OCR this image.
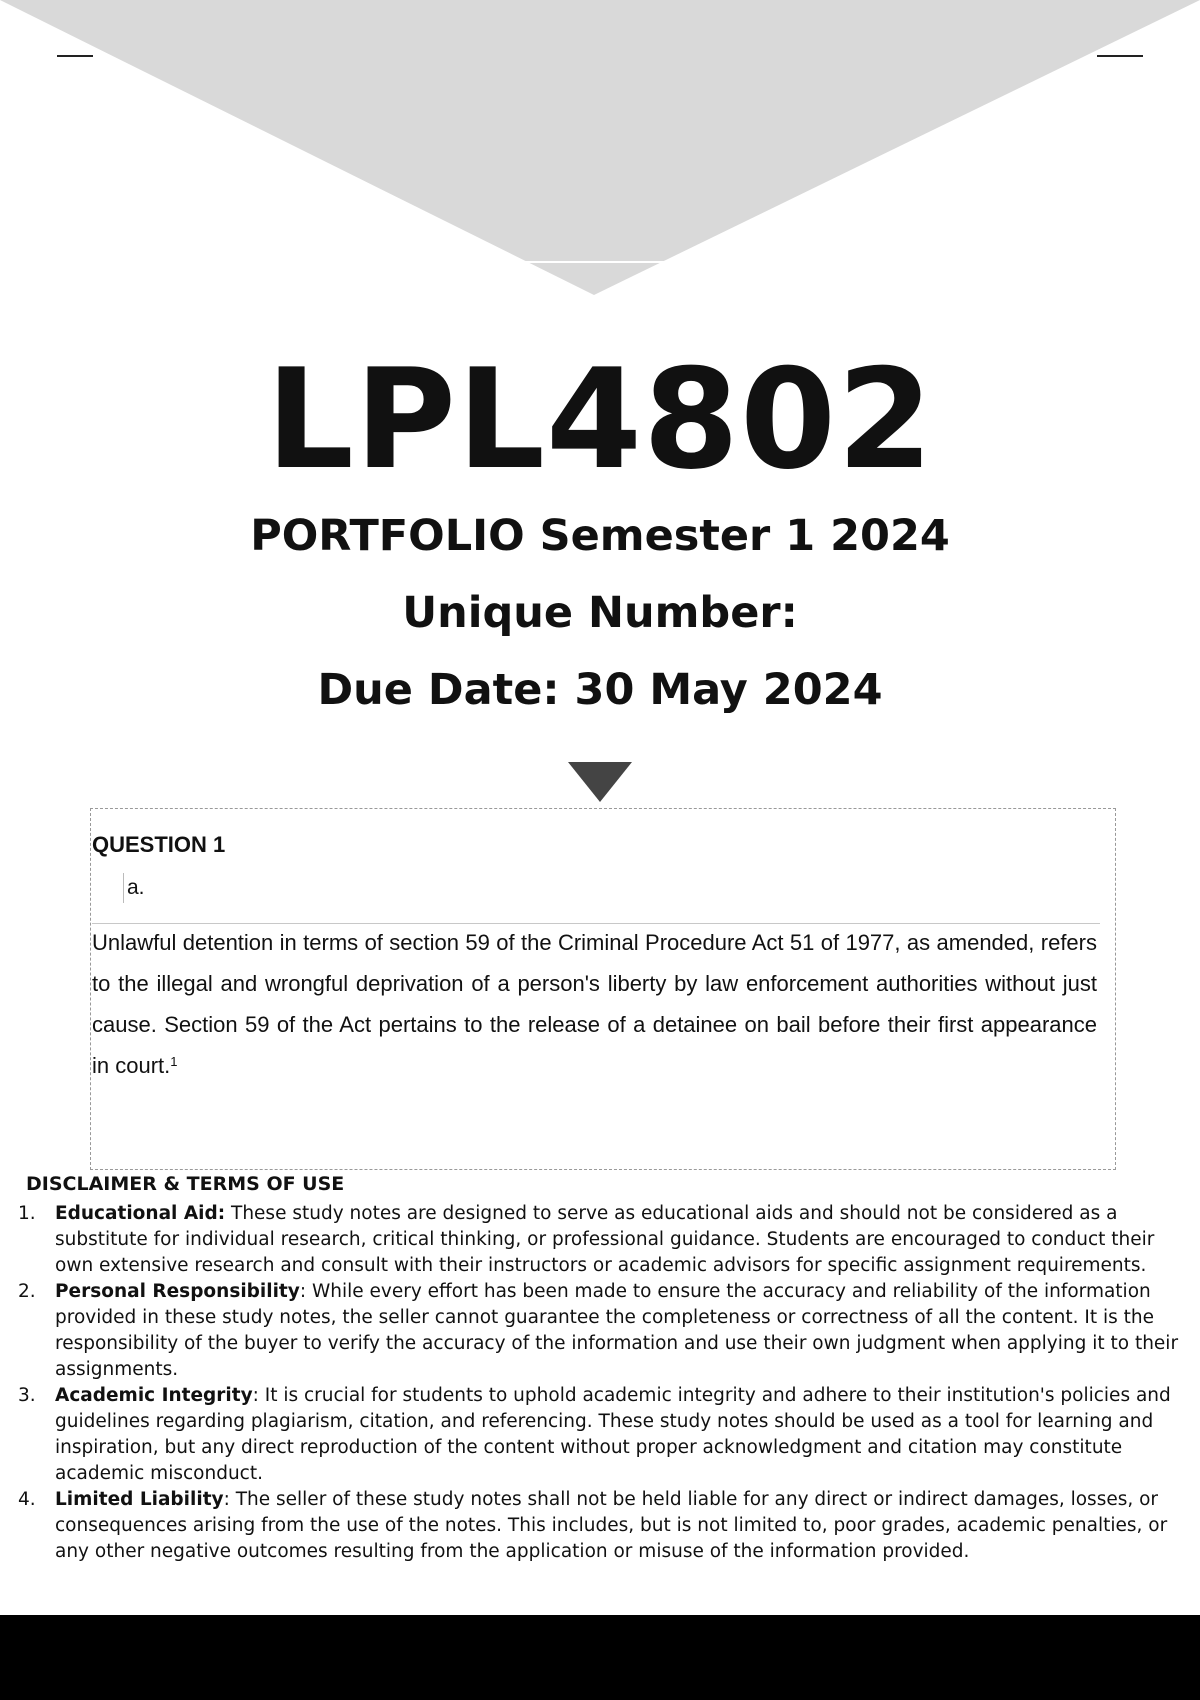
LPL4802
PORTFOLIO Semester 1 2024
Unique Number:
Due Date: 30 May 2024
QUESTION 1
a.
Unlawful detention in terms of section 59 of the Criminal Procedure Act 51 of 1977, as amended, refers to the illegal and wrongful deprivation of a person's liberty by law enforcement authorities without just cause. Section 59 of the Act pertains to the release of a detainee on bail before their first appearance in court.$^1$
DISCLAIMER & TERMS OF USE
1. Educational Aid: These study notes are designed to serve as educational aids and should not be considered as a substitute for individual research, critical thinking, or professional guidance. Students are encouraged to conduct their own extensive research and consult with their instructors or academic advisors for specific assignment requirements.
2. Personal Responsibility: While every effort has been made to ensure the accuracy and reliability of the information provided in these study notes, the seller cannot guarantee the completeness or correctness of all the content. It is the responsibility of the buyer to verify the accuracy of the information and use their own judgment when applying it to their assignments.
3. Academic Integrity: It is crucial for students to uphold academic integrity and adhere to their institution's policies and guidelines regarding plagiarism, citation, and referencing. These study notes should be used as a tool for learning and inspiration, but any direct reproduction of the content without proper acknowledgment and citation may constitute academic misconduct.
4. Limited Liability: The seller of these study notes shall not be held liable for any direct or indirect damages, losses, or consequences arising from the use of the notes. This includes, but is not limited to, poor grades, academic penalties, or any other negative outcomes resulting from the application or misuse of the information provided.
